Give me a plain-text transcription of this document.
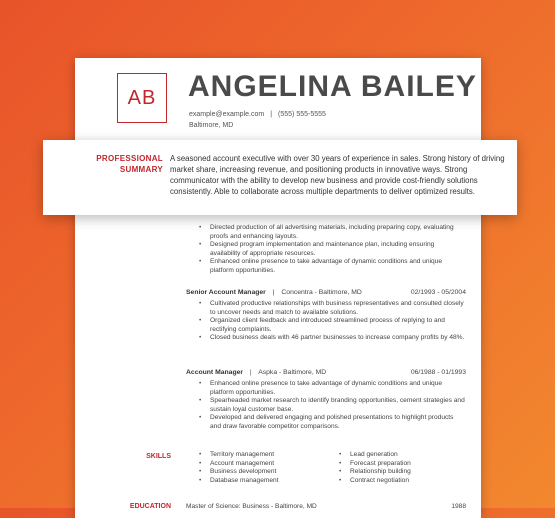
AB	ANGELINA BAILEY
example@example.com | (555) 555-5555
Baltimore, MD
• Directed production of all advertising materials, including preparing copy, evaluating proofs and enhancing layouts.
• Designed program implementation and maintenance plan, including ensuring availability of appropriate resources.
• Enhanced online presence to take advantage of dynamic conditions and unique platform opportunities.
Senior Account Manager | Concentra - Baltimore, MD	02/1993 - 05/2004
• Cultivated productive relationships with business representatives and consulted closely to uncover needs and match to available solutions.
• Organized client feedback and introduced streamlined process of replying to and rectifying complaints.
• Closed business deals with 46 partner businesses to increase company profits by 48%.
Account Manager | Aspka - Baltimore, MD	06/1988 - 01/1993
• Enhanced online presence to take advantage of dynamic conditions and unique platform opportunities.
• Spearheaded market research to identify branding opportunities, cement strategies and sustain loyal customer base.
• Developed and delivered engaging and polished presentations to highlight products and draw favorable competitor comparisons.
SKILLS
•	Territory management
• Account management
• Business development
• Database management
• Lead generation
• Forecast preparation
• Relationship building
• Contract negotiation
EDUCATION Master of Science: Business - Baltimore, MD	1988
PROFESSIONAL
SUMMARY
A seasoned account executive with over 30 years of experience in sales. Strong history of driving market share, increasing revenue, and positioning products in innovative ways. Strong communicator with the ability to develop new business and provide cost-friendly solutions consistently. Able to collaborate across multiple departments to deliver optimized results.
